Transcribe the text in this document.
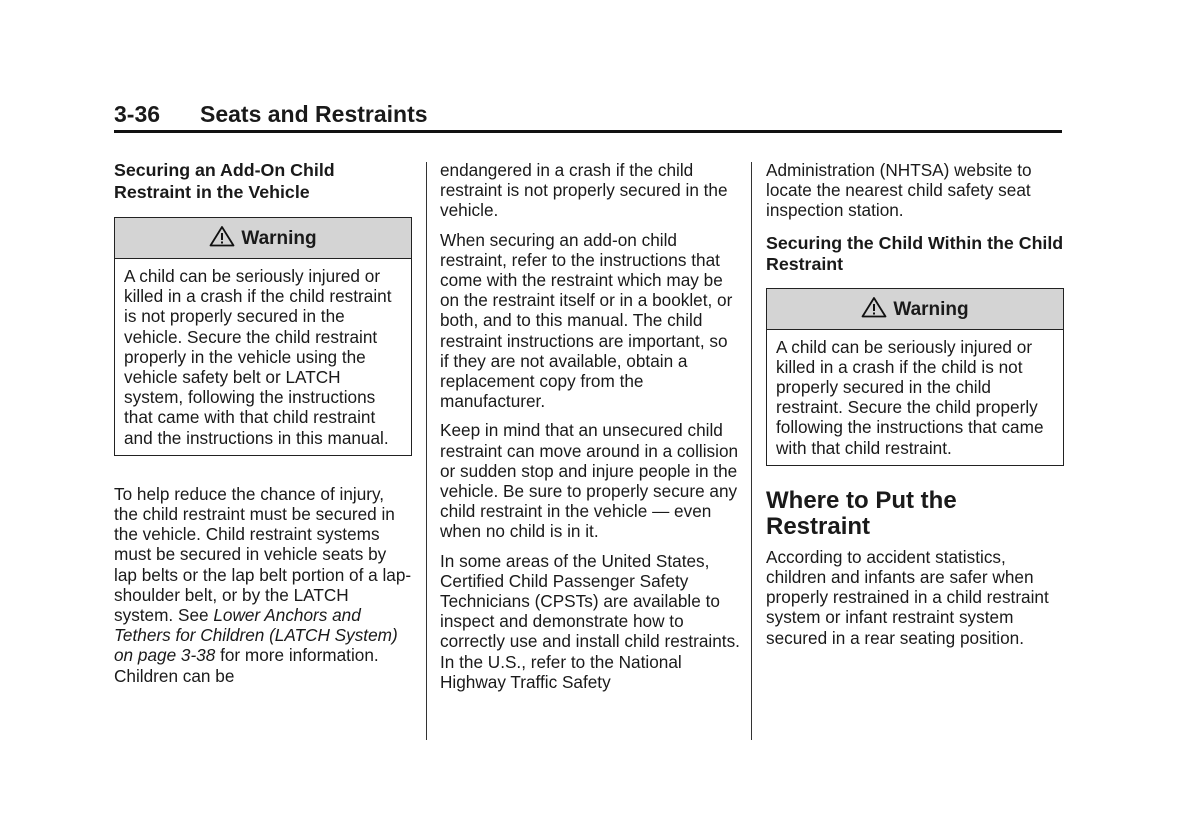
3-36 Seats and Restraints
Securing an Add-On Child Restraint in the Vehicle
Warning
A child can be seriously injured or killed in a crash if the child restraint is not properly secured in the vehicle. Secure the child restraint properly in the vehicle using the vehicle safety belt or LATCH system, following the instructions that came with that child restraint and the instructions in this manual.

To help reduce the chance of injury, the child restraint must be secured in the vehicle. Child restraint systems must be secured in vehicle seats by lap belts or the lap belt portion of a lap-shoulder belt, or by the LATCH system. See Lower Anchors and Tethers for Children (LATCH System) on page 3-38 for more information. Children can be

endangered in a crash if the child restraint is not properly secured in the vehicle.

When securing an add-on child restraint, refer to the instructions that come with the restraint which may be on the restraint itself or in a booklet, or both, and to this manual. The child restraint instructions are important, so if they are not available, obtain a replacement copy from the manufacturer.

Keep in mind that an unsecured child restraint can move around in a collision or sudden stop and injure people in the vehicle. Be sure to properly secure any child restraint in the vehicle — even when no child is in it.

In some areas of the United States, Certified Child Passenger Safety Technicians (CPSTs) are available to inspect and demonstrate how to correctly use and install child restraints. In the U.S., refer to the National Highway Traffic Safety

Administration (NHTSA) website to locate the nearest child safety seat inspection station.

Securing the Child Within the Child Restraint
Warning
A child can be seriously injured or killed in a crash if the child is not properly secured in the child restraint. Secure the child properly following the instructions that came with that child restraint.
Where to Put the Restraint

According to accident statistics, children and infants are safer when properly restrained in a child restraint system or infant restraint system secured in a rear seating position.
